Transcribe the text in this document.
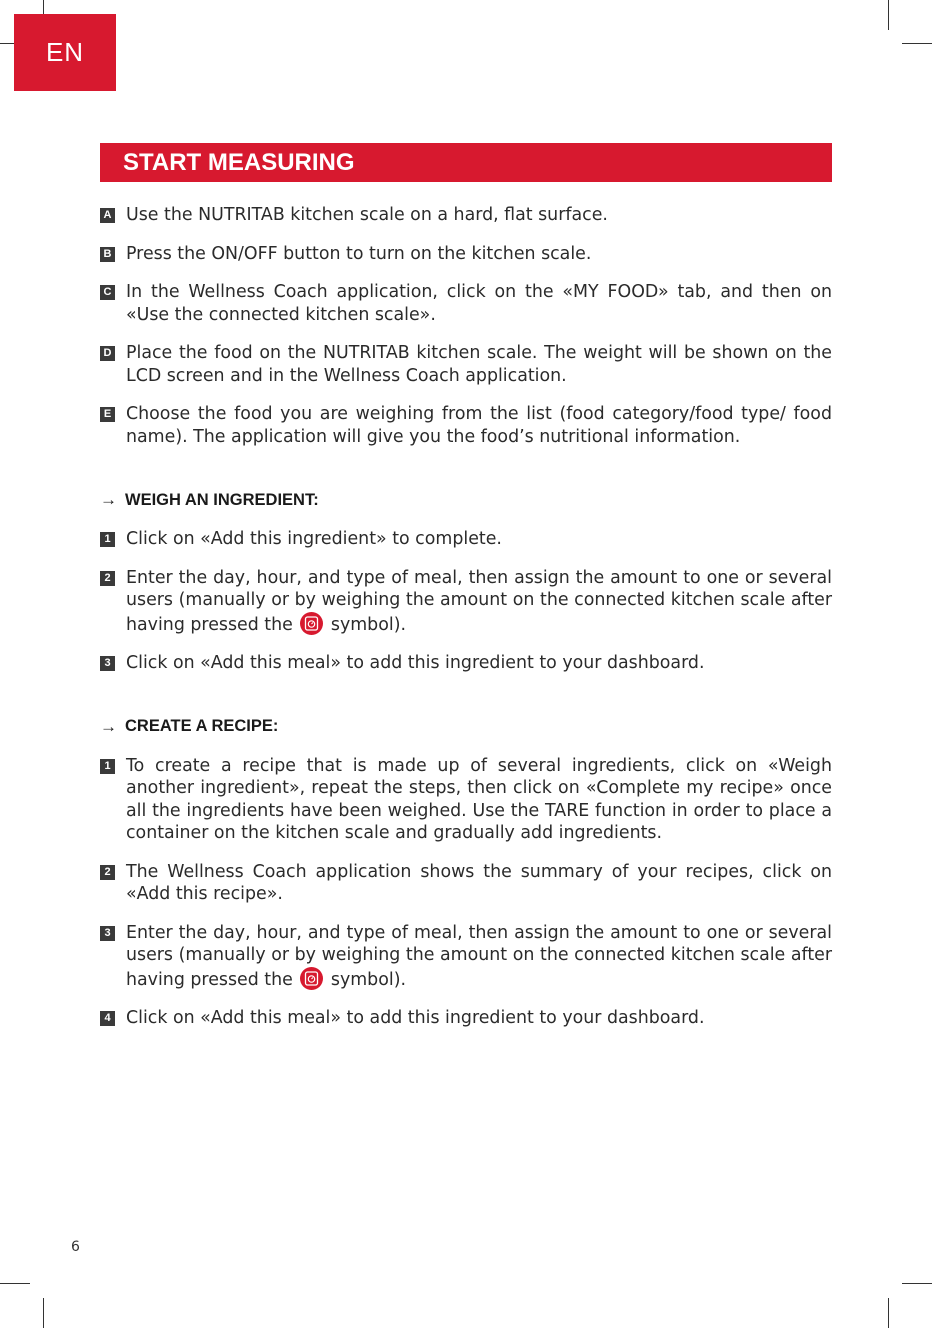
EN
START MEASURING
A Use the NUTRITAB kitchen scale on a hard, flat surface.
B Press the ON/OFF button to turn on the kitchen scale.
C In the Wellness Coach application, click on the «MY FOOD» tab, and then on «Use the connected kitchen scale».
D Place the food on the NUTRITAB kitchen scale. The weight will be shown on the LCD screen and in the Wellness Coach application.
E Choose the food you are weighing from the list (food category/food type/ food name). The application will give you the food’s nutritional information.
→ WEIGH AN INGREDIENT:
1 Click on «Add this ingredient» to complete.
2 Enter the day, hour, and type of meal, then assign the amount to one or several users (manually or by weighing the amount on the connected kitchen scale after having pressed the symbol).
3 Click on «Add this meal» to add this ingredient to your dashboard.
→ CREATE A RECIPE:
1 To create a recipe that is made up of several ingredients, click on «Weigh another ingredient», repeat the steps, then click on «Complete my recipe» once all the ingredients have been weighed. Use the TARE function in order to place a container on the kitchen scale and gradually add ingredients.
2 The Wellness Coach application shows the summary of your recipes, click on «Add this recipe».
3 Enter the day, hour, and type of meal, then assign the amount to one or several users (manually or by weighing the amount on the connected kitchen scale after having pressed the symbol).
4 Click on «Add this meal» to add this ingredient to your dashboard.
6
